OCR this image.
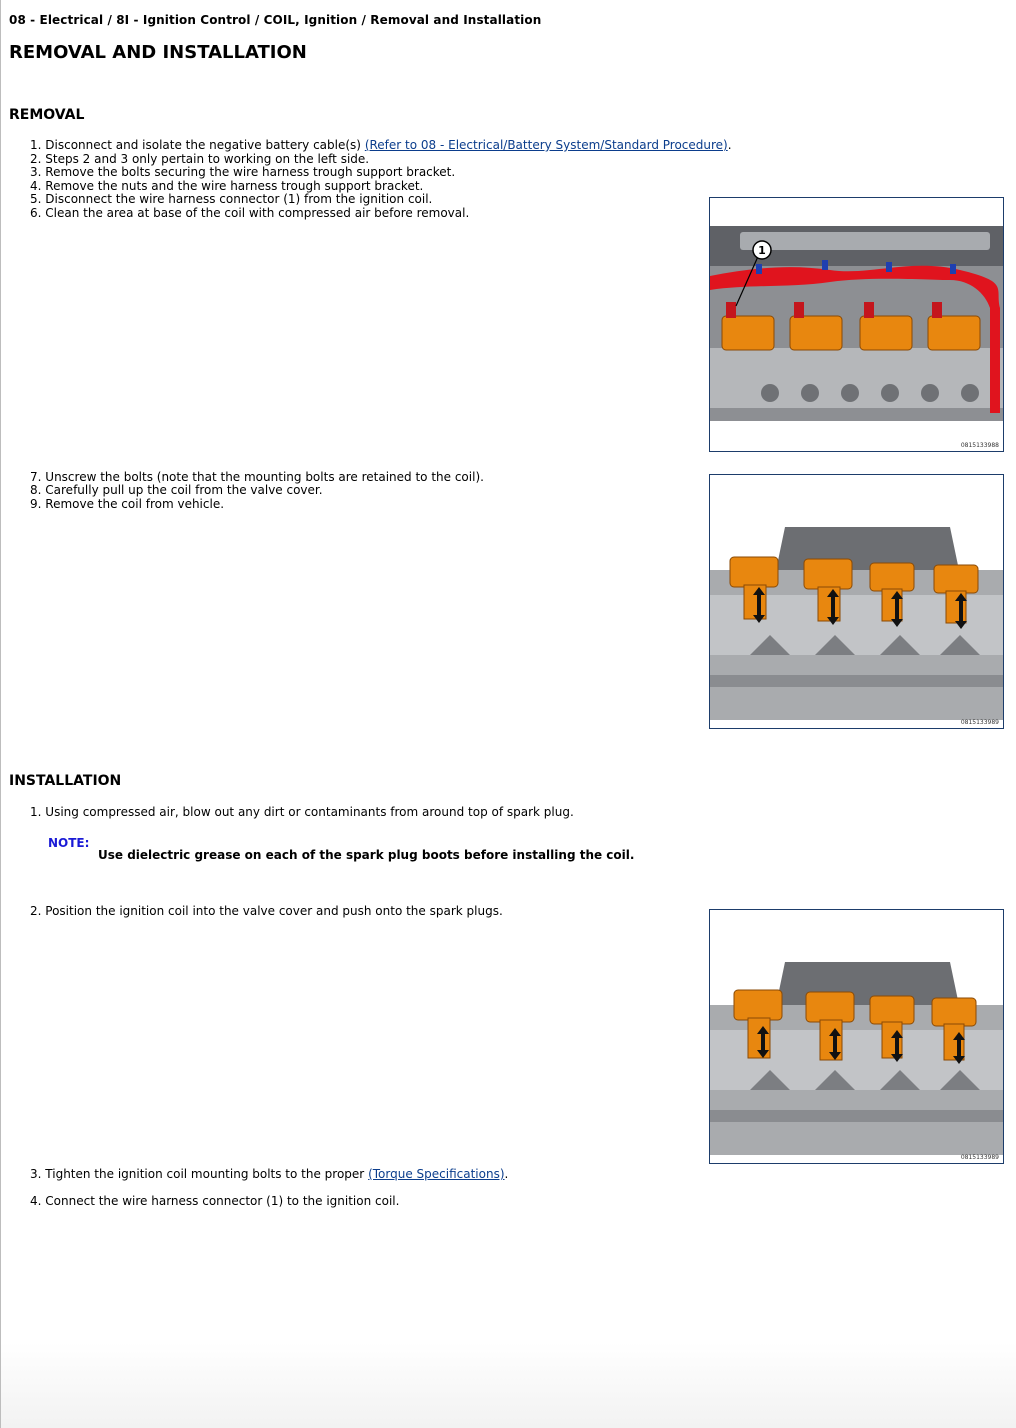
08 - Electrical / 8I - Ignition Control / COIL, Ignition / Removal and Installation
REMOVAL AND INSTALLATION
REMOVAL
1. Disconnect and isolate the negative battery cable(s) (Refer to 08 - Electrical/Battery System/Standard Procedure).
2. Steps 2 and 3 only pertain to working on the left side.
3. Remove the bolts securing the wire harness trough support bracket.
4. Remove the nuts and the wire harness trough support bracket.
5. Disconnect the wire harness connector (1) from the ignition coil.
6. Clean the area at base of the coil with compressed air before removal.
1
0815133988
7. Unscrew the bolts (note that the mounting bolts are retained to the coil).
8. Carefully pull up the coil from the valve cover.
9. Remove the coil from vehicle.
0815133989
INSTALLATION
1. Using compressed air, blow out any dirt or contaminants from around top of spark plug.
NOTE:
Use dielectric grease on each of the spark plug boots before installing the coil.
2. Position the ignition coil into the valve cover and push onto the spark plugs.
0815133989
3. Tighten the ignition coil mounting bolts to the proper (Torque Specifications).
4. Connect the wire harness connector (1) to the ignition coil.
